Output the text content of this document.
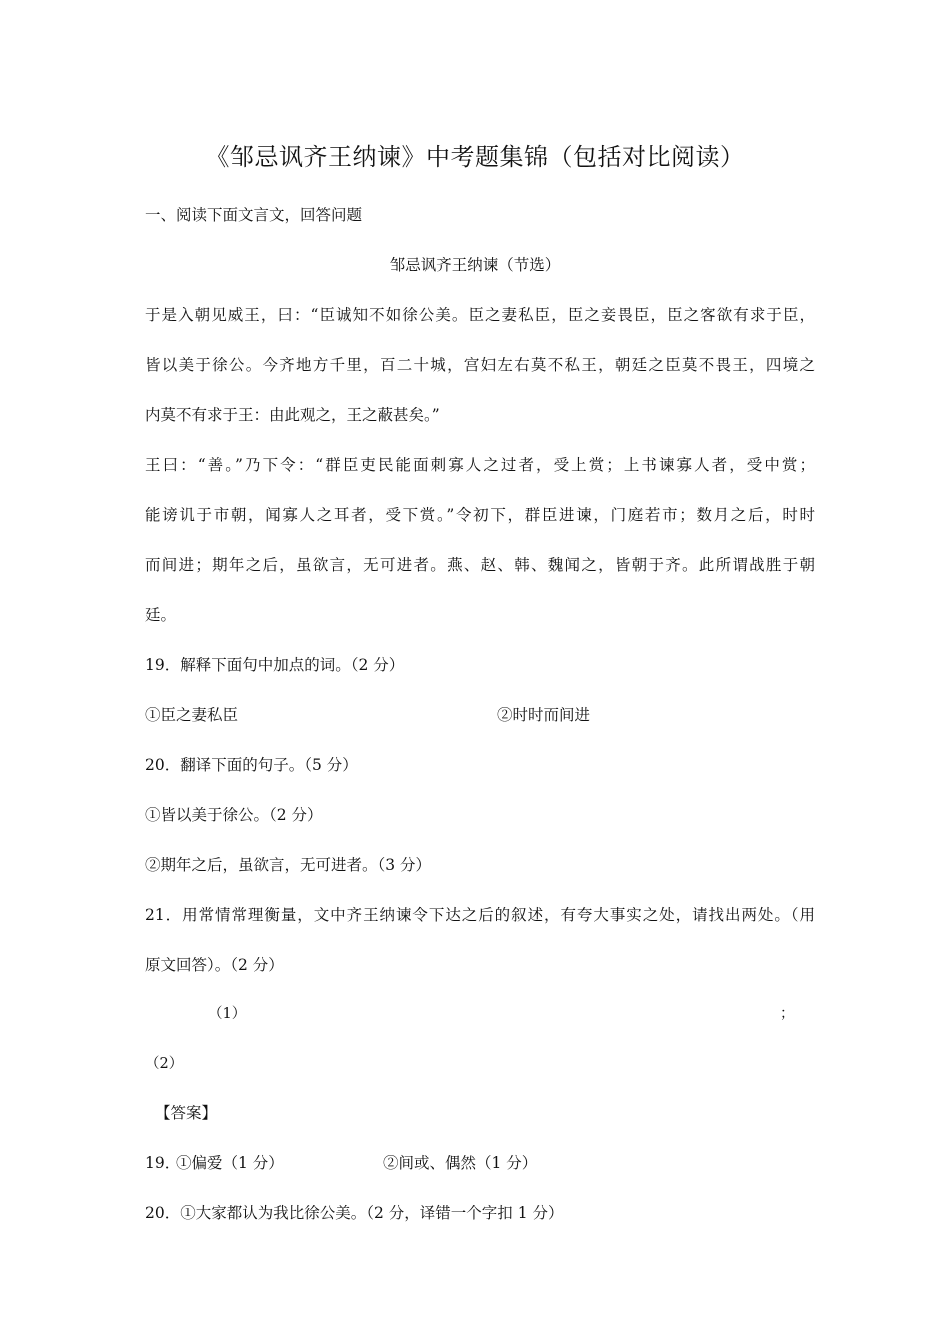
《邹忌讽齐王纳谏》中考题集锦（包括对比阅读）
一、阅读下面文言文，回答问题
邹忌讽齐王纳谏（节选）
于是入朝见威王，曰：“臣诚知不如徐公美。臣之妻私臣，臣之妾畏臣，臣之客欲有求于臣，
皆以美于徐公。今齐地方千里，百二十城，宫妇左右莫不私王，朝廷之臣莫不畏王，四境之
内莫不有求于王：由此观之，王之蔽甚矣。”
王曰：“善。”乃下令：“群臣吏民能面刺寡人之过者，受上赏；上书谏寡人者，受中赏；
能谤讥于市朝，闻寡人之耳者，受下赏。”令初下，群臣进谏，门庭若市；数月之后，时时
而间进；期年之后，虽欲言，无可进者。燕、赵、韩、魏闻之，皆朝于齐。此所谓战胜于朝
廷。
19．解释下面句中加点的词。（2 分）
①臣之妻私臣	②时时而间进
20．翻译下面的句子。（5 分）
①皆以美于徐公。（2 分）
②期年之后，虽欲言，无可进者。（3 分）
21．用常情常理衡量，文中齐王纳谏令下达之后的叙述，有夸大事实之处，请找出两处。（用
原文回答）。（2 分）
（1）	；
（2）
【答案】
19．
①偏爱（1 分）	②间或、偶然（1 分）
20．①大家都认为我比徐公美。（2 分，译错一个字扣 1 分）
